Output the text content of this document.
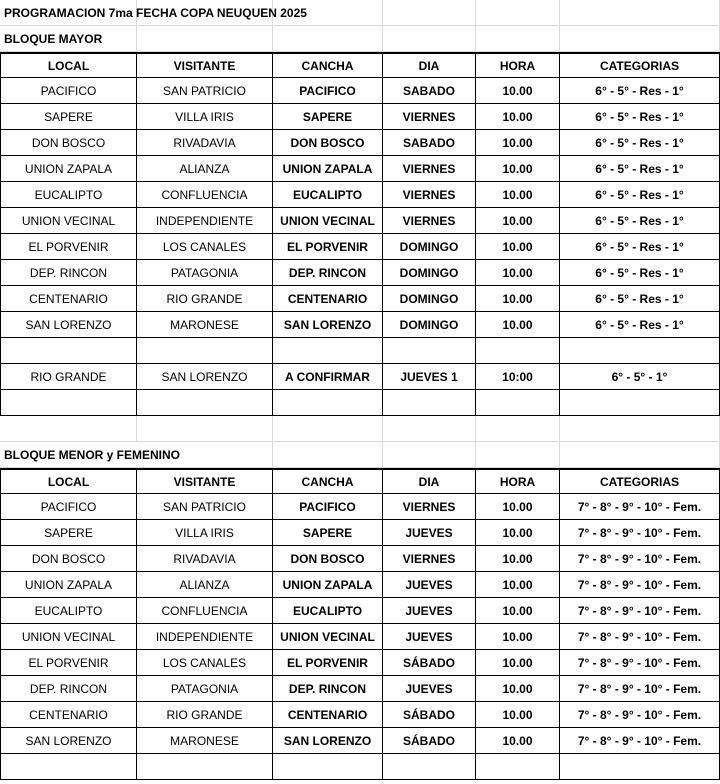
PROGRAMACION 7ma FECHA COPA NEUQUEN 2025
BLOQUE MAYOR
LOCAL	VISITANTE	CANCHA	DIA	HORA	CATEGORIAS
PACIFICO	SAN PATRICIO	PACIFICO	SABADO	10.00	6° - 5° - Res - 1°
SAPERE	VILLA IRIS	SAPERE	VIERNES	10.00	6° - 5° - Res - 1°
DON BOSCO	RIVADAVIA	DON BOSCO	SABADO	10.00	6° - 5° - Res - 1°
UNION ZAPALA	ALIANZA	UNION ZAPALA	VIERNES	10.00	6° - 5° - Res - 1°
EUCALIPTO	CONFLUENCIA	EUCALIPTO	VIERNES	10.00	6° - 5° - Res - 1°
UNION VECINAL	INDEPENDIENTE	UNION VECINAL	VIERNES	10.00	6° - 5° - Res - 1°
EL PORVENIR	LOS CANALES	EL PORVENIR	DOMINGO	10.00	6° - 5° - Res - 1°
DEP. RINCON	PATAGONIA	DEP. RINCON	DOMINGO	10.00	6° - 5° - Res - 1°
CENTENARIO	RIO GRANDE	CENTENARIO	DOMINGO	10.00	6° - 5° - Res - 1°
SAN LORENZO	MARONESE	SAN LORENZO	DOMINGO	10.00	6° - 5° - Res - 1°
RIO GRANDE	SAN LORENZO	A CONFIRMAR	JUEVES 1	10:00	6° - 5° - 1°
BLOQUE MENOR y FEMENINO
LOCAL	VISITANTE	CANCHA	DIA	HORA	CATEGORIAS
PACIFICO	SAN PATRICIO	PACIFICO	VIERNES	10.00	7° - 8° - 9° - 10° - Fem.
SAPERE	VILLA IRIS	SAPERE	JUEVES	10.00	7° - 8° - 9° - 10° - Fem.
DON BOSCO	RIVADAVIA	DON BOSCO	VIERNES	10.00	7° - 8° - 9° - 10° - Fem.
UNION ZAPALA	ALIANZA	UNION ZAPALA	JUEVES	10.00	7° - 8° - 9° - 10° - Fem.
EUCALIPTO	CONFLUENCIA	EUCALIPTO	JUEVES	10.00	7° - 8° - 9° - 10° - Fem.
UNION VECINAL	INDEPENDIENTE	UNION VECINAL	JUEVES	10.00	7° - 8° - 9° - 10° - Fem.
EL PORVENIR	LOS CANALES	EL PORVENIR	SÁBADO	10.00	7° - 8° - 9° - 10° - Fem.
DEP. RINCON	PATAGONIA	DEP. RINCON	JUEVES	10.00	7° - 8° - 9° - 10° - Fem.
CENTENARIO	RIO GRANDE	CENTENARIO	SÁBADO	10.00	7° - 8° - 9° - 10° - Fem.
SAN LORENZO	MARONESE	SAN LORENZO	SÁBADO	10.00	7° - 8° - 9° - 10° - Fem.
